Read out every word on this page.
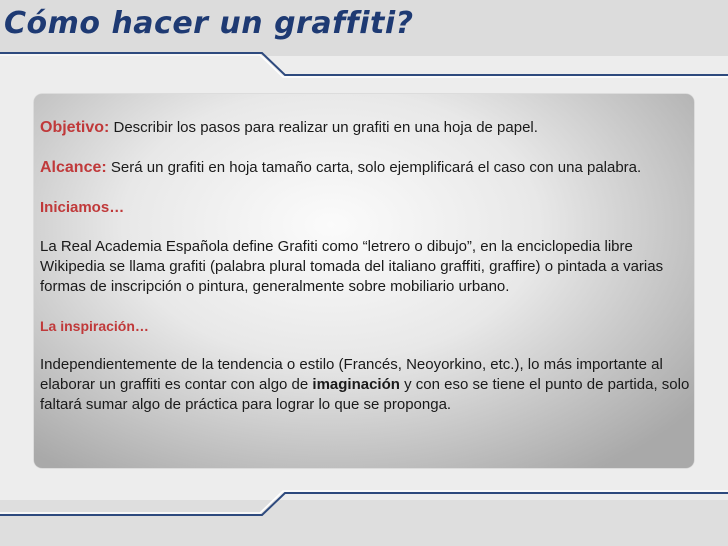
Cómo hacer un graffiti?

Objetivo: Describir los pasos para realizar un grafiti en una hoja de papel.

Alcance: Será un grafiti en hoja tamaño carta, solo ejemplificará el caso con una palabra.

Iniciamos…

La Real Academia Española define Grafiti como “letrero o dibujo”, en la enciclopedia libre Wikipedia se llama grafiti (palabra plural tomada del italiano graffiti, graffire) o pintada a varias formas de inscripción o pintura, generalmente sobre mobiliario urbano.

La inspiración…

Independientemente de la tendencia o estilo (Francés, Neoyorkino, etc.), lo más importante al elaborar un graffiti es contar con algo de imaginación y con eso se tiene el punto de partida, solo faltará sumar algo de práctica para lograr lo que se proponga.
